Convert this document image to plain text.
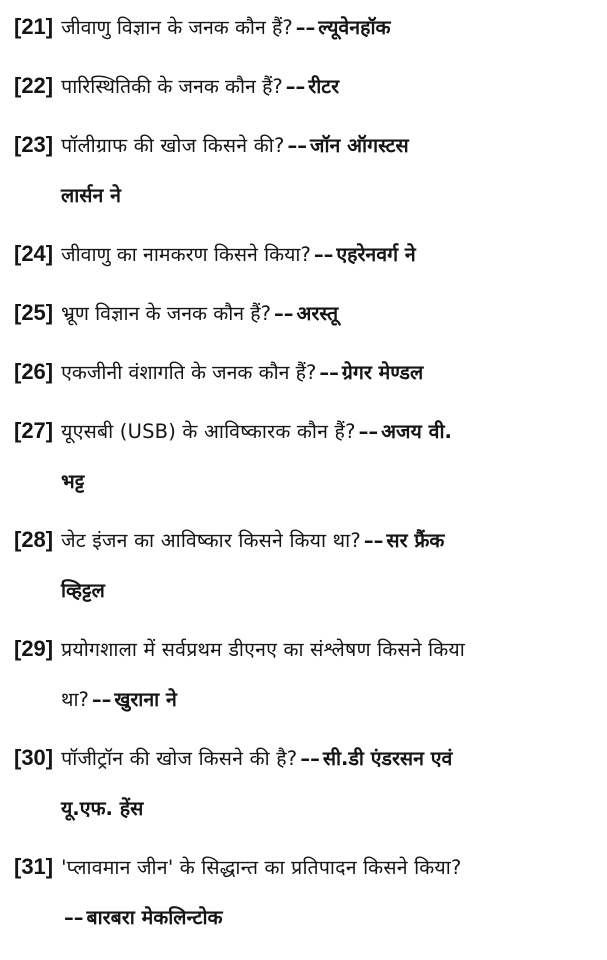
[21] जीवाणु विज्ञान के जनक कौन हैं? –– ल्यूवेनहॉक
[22] पारिस्थितिकी के जनक कौन हैं? –– रीटर
[23] पॉलीग्राफ की खोज किसने की? –– जॉन ऑगस्टस
लार्सन ने
[24] जीवाणु का नामकरण किसने किया? –– एहरेनवर्ग ने
[25] भ्रूण विज्ञान के जनक कौन हैं? –– अरस्तू
[26] एकजीनी वंशागति के जनक कौन हैं? –– ग्रेगर मेण्डल
[27] यूएसबी (USB) के आविष्कारक कौन हैं? –– अजय वी.
भट्ट
[28] जेट इंजन का आविष्कार किसने किया था? –– सर फ्रैंक
व्हिट्टल
[29] प्रयोगशाला में सर्वप्रथम डीएनए का संश्लेषण किसने किया
था? –– खुराना ने
[30] पॉजीट्रॉन की खोज किसने की है? –– सी.डी एंडरसन एवं
यू.एफ. हेंस
[31] 'प्लावमान जीन' के सिद्धान्त का प्रतिपादन किसने किया?
–– बारबरा मेकलिन्टोक
